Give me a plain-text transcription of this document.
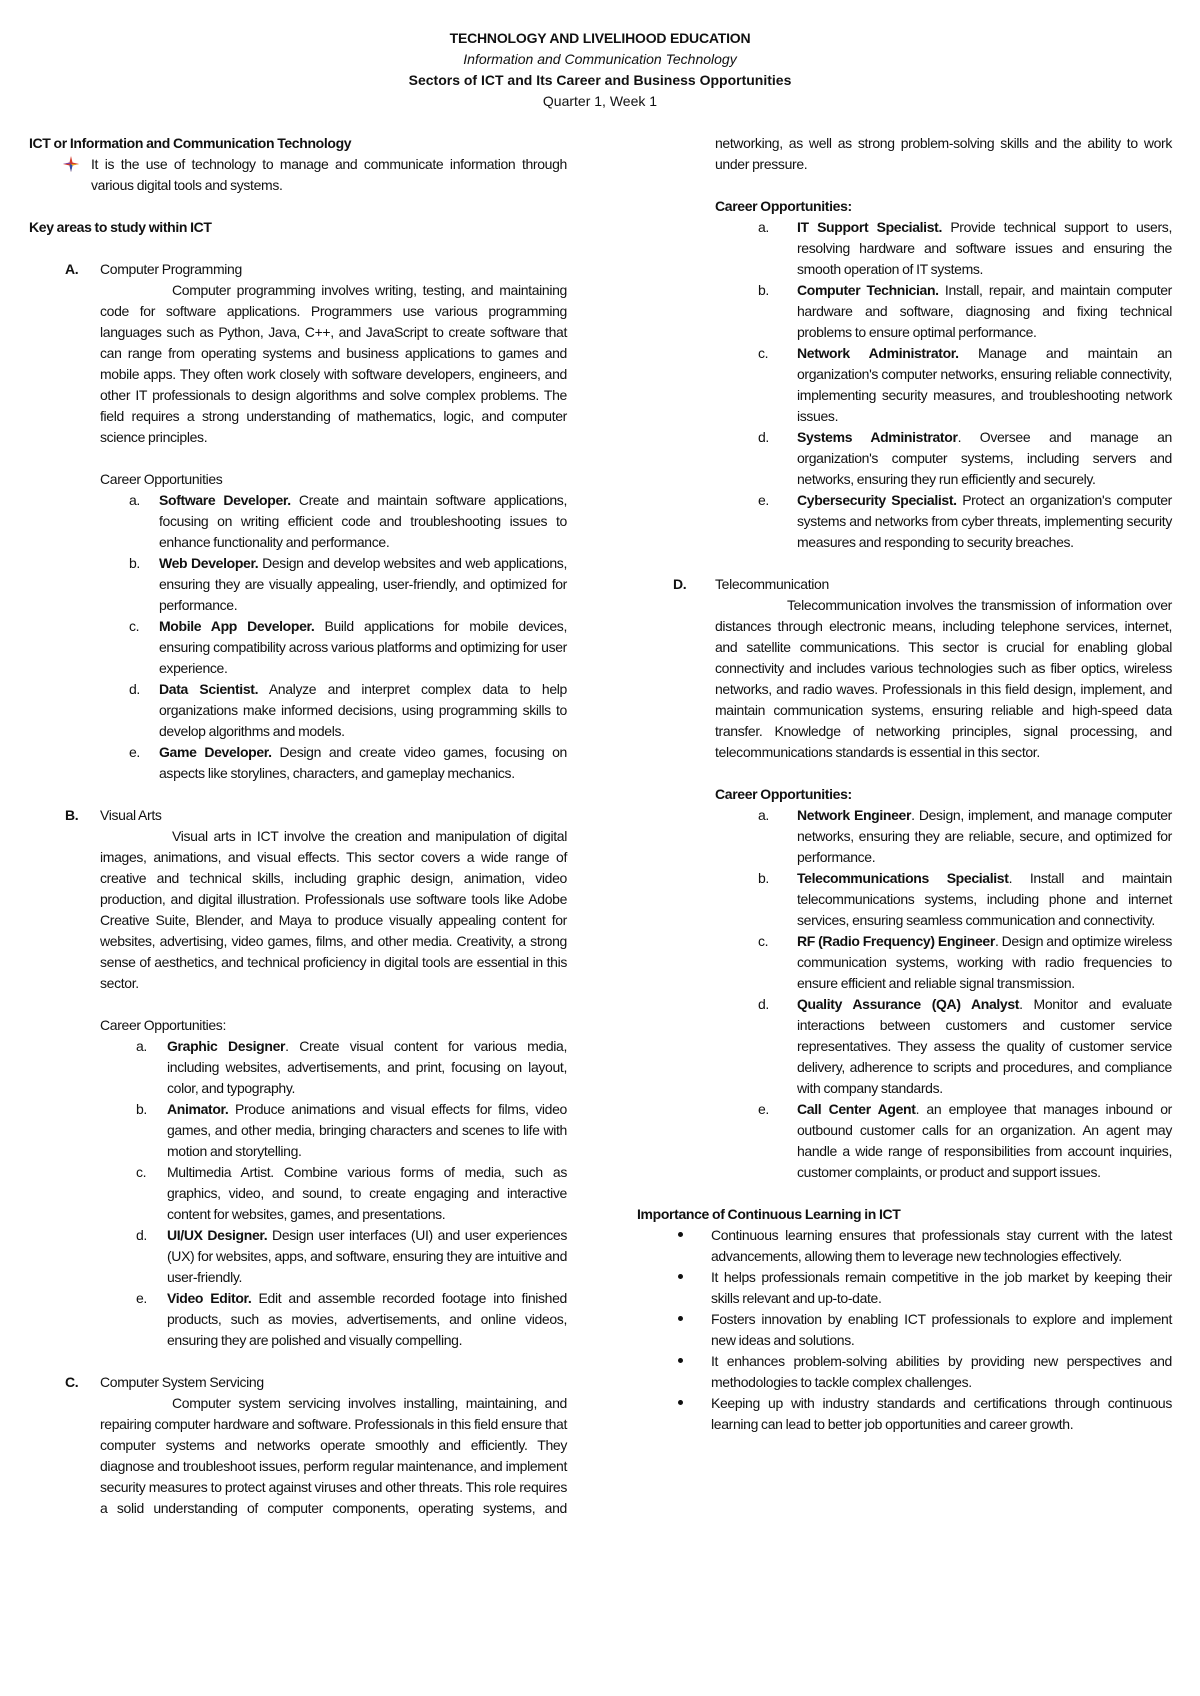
TECHNOLOGY AND LIVELIHOOD EDUCATION
Information and Communication Technology
Sectors of ICT and Its Career and Business Opportunities
Quarter 1, Week 1
ICT or Information and Communication Technology
It is the use of technology to manage and communicate information through various digital tools and systems.
Key areas to study within ICT
A.	Computer Programming
Computer programming involves writing, testing, and maintaining code for software applications. Programmers use various programming languages such as Python, Java, C++, and JavaScript to create software that can range from operating systems and business applications to games and mobile apps. They often work closely with software developers, engineers, and other IT professionals to design algorithms and solve complex problems. The field requires a strong understanding of mathematics, logic, and computer science principles.
Career Opportunities
a.	Software Developer. Create and maintain software applications, focusing on writing efficient code and troubleshooting issues to enhance functionality and performance.
b.	Web Developer. Design and develop websites and web applications, ensuring they are visually appealing, user-friendly, and optimized for performance.
c.	Mobile App Developer. Build applications for mobile devices, ensuring compatibility across various platforms and optimizing for user experience.
d.	Data Scientist. Analyze and interpret complex data to help organizations make informed decisions, using programming skills to develop algorithms and models.
e.	Game Developer. Design and create video games, focusing on aspects like storylines, characters, and gameplay mechanics.
B.	Visual Arts
Visual arts in ICT involve the creation and manipulation of digital images, animations, and visual effects. This sector covers a wide range of creative and technical skills, including graphic design, animation, video production, and digital illustration. Professionals use software tools like Adobe Creative Suite, Blender, and Maya to produce visually appealing content for websites, advertising, video games, films, and other media. Creativity, a strong sense of aesthetics, and technical proficiency in digital tools are essential in this sector.
Career Opportunities:
a.	Graphic Designer. Create visual content for various media, including websites, advertisements, and print, focusing on layout, color, and typography.
b.	Animator. Produce animations and visual effects for films, video games, and other media, bringing characters and scenes to life with motion and storytelling.
c.	Multimedia Artist. Combine various forms of media, such as graphics, video, and sound, to create engaging and interactive content for websites, games, and presentations.
d.	UI/UX Designer. Design user interfaces (UI) and user experiences (UX) for websites, apps, and software, ensuring they are intuitive and user-friendly.
e.	Video Editor. Edit and assemble recorded footage into finished products, such as movies, advertisements, and online videos, ensuring they are polished and visually compelling.
C.	Computer System Servicing
Computer system servicing involves installing, maintaining, and repairing computer hardware and software. Professionals in this field ensure that computer systems and networks operate smoothly and efficiently. They diagnose and troubleshoot issues, perform regular maintenance, and implement security measures to protect against viruses and other threats. This role requires a solid understanding of computer components, operating systems, and
networking, as well as strong problem-solving skills and the ability to work under pressure.
Career Opportunities:
a.	IT Support Specialist. Provide technical support to users, resolving hardware and software issues and ensuring the smooth operation of IT systems.
b.	Computer Technician. Install, repair, and maintain computer hardware and software, diagnosing and fixing technical problems to ensure optimal performance.
c.	Network Administrator. Manage and maintain an organization's computer networks, ensuring reliable connectivity, implementing security measures, and troubleshooting network issues.
d.	Systems Administrator. Oversee and manage an organization's computer systems, including servers and networks, ensuring they run efficiently and securely.
e.	Cybersecurity Specialist. Protect an organization's computer systems and networks from cyber threats, implementing security measures and responding to security breaches.
D.	Telecommunication
Telecommunication involves the transmission of information over distances through electronic means, including telephone services, internet, and satellite communications. This sector is crucial for enabling global connectivity and includes various technologies such as fiber optics, wireless networks, and radio waves. Professionals in this field design, implement, and maintain communication systems, ensuring reliable and high-speed data transfer. Knowledge of networking principles, signal processing, and telecommunications standards is essential in this sector.
Career Opportunities:
a.	Network Engineer. Design, implement, and manage computer networks, ensuring they are reliable, secure, and optimized for performance.
b.	Telecommunications Specialist. Install and maintain telecommunications systems, including phone and internet services, ensuring seamless communication and connectivity.
c.	RF (Radio Frequency) Engineer. Design and optimize wireless communication systems, working with radio frequencies to ensure efficient and reliable signal transmission.
d.	Quality Assurance (QA) Analyst. Monitor and evaluate interactions between customers and customer service representatives. They assess the quality of customer service delivery, adherence to scripts and procedures, and compliance with company standards.
e.	Call Center Agent. an employee that manages inbound or outbound customer calls for an organization. An agent may handle a wide range of responsibilities from account inquiries, customer complaints, or product and support issues.
Importance of Continuous Learning in ICT
Continuous learning ensures that professionals stay current with the latest advancements, allowing them to leverage new technologies effectively.
It helps professionals remain competitive in the job market by keeping their skills relevant and up-to-date.
Fosters innovation by enabling ICT professionals to explore and implement new ideas and solutions.
It enhances problem-solving abilities by providing new perspectives and methodologies to tackle complex challenges.
Keeping up with industry standards and certifications through continuous learning can lead to better job opportunities and career growth.
